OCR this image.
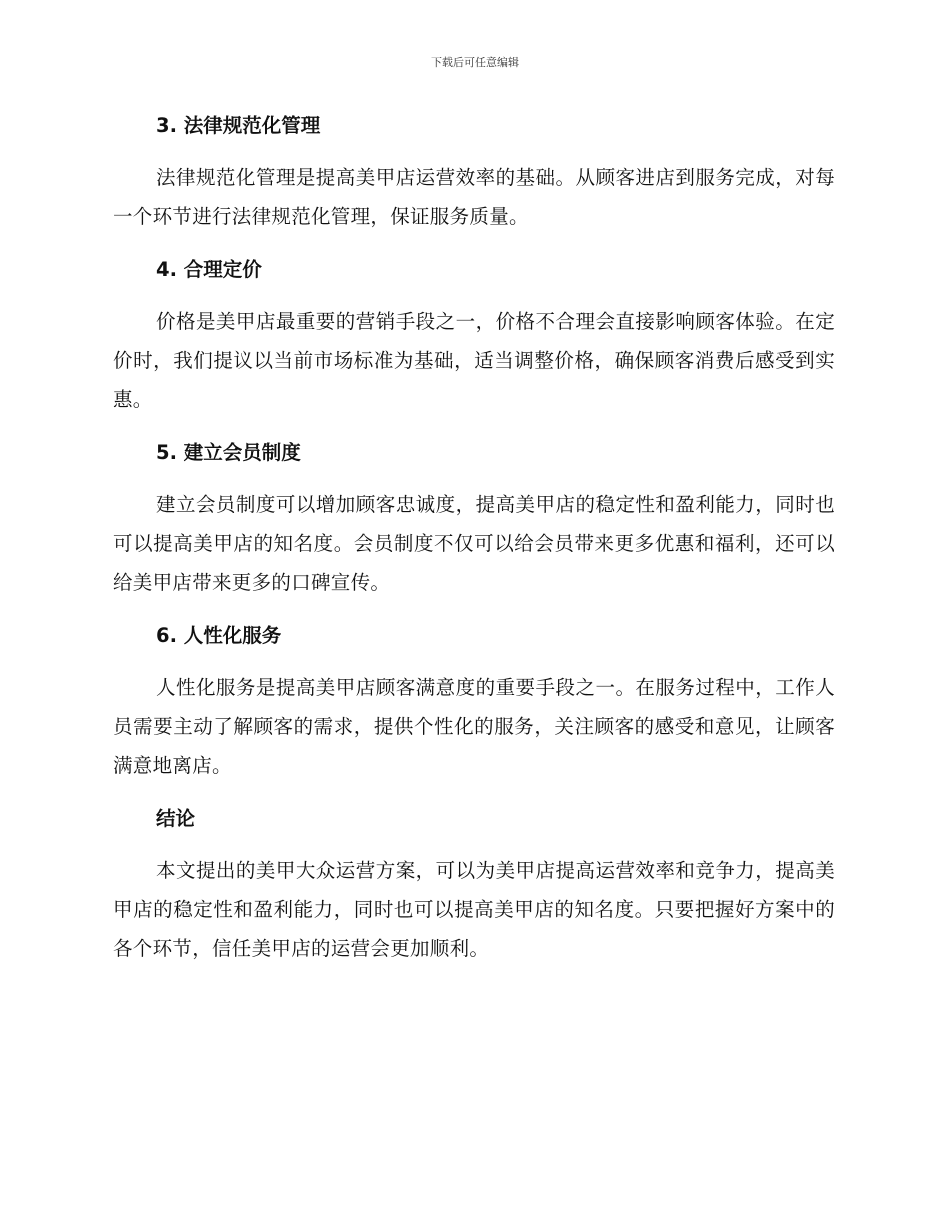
下载后可任意编辑
3. 法律规范化管理

法律规范化管理是提高美甲店运营效率的基础。从顾客进店到服务完成，对每一个环节进行法律规范化管理，保证服务质量。

4. 合理定价

价格是美甲店最重要的营销手段之一，价格不合理会直接影响顾客体验。在定价时，我们提议以当前市场标准为基础，适当调整价格，确保顾客消费后感受到实惠。

5. 建立会员制度

建立会员制度可以增加顾客忠诚度，提高美甲店的稳定性和盈利能力，同时也可以提高美甲店的知名度。会员制度不仅可以给会员带来更多优惠和福利，还可以给美甲店带来更多的口碑宣传。

6. 人性化服务

人性化服务是提高美甲店顾客满意度的重要手段之一。在服务过程中，工作人员需要主动了解顾客的需求，提供个性化的服务，关注顾客的感受和意见，让顾客满意地离店。

结论

本文提出的美甲大众运营方案，可以为美甲店提高运营效率和竞争力，提高美甲店的稳定性和盈利能力，同时也可以提高美甲店的知名度。只要把握好方案中的各个环节，信任美甲店的运营会更加顺利。
